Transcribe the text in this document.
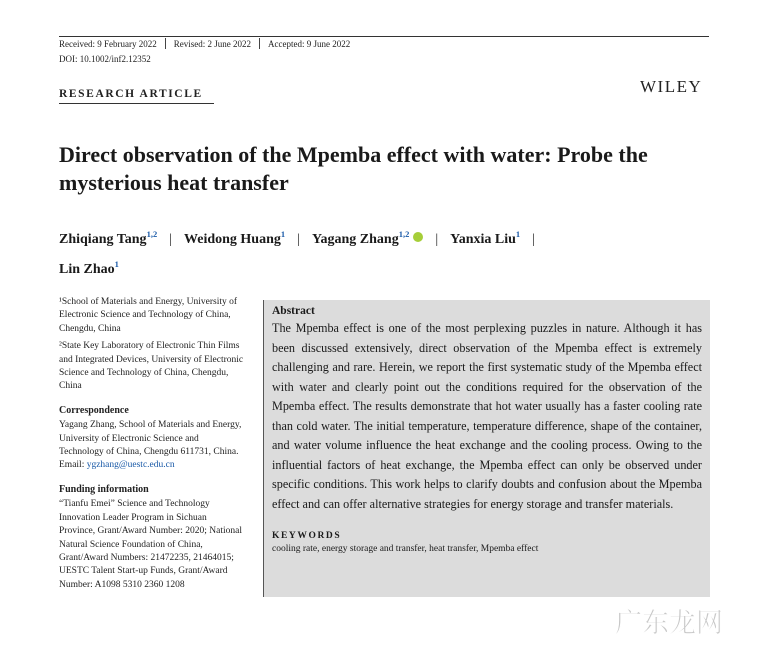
Received: 9 February 2022 Revised: 2 June 2022 Accepted: 9 June 2022
DOI: 10.1002/inf2.12352
RESEARCH ARTICLE	WILEY
Direct observation of the Mpemba effect with water: Probe the mysterious heat transfer
Zhiqiang Tang$^{1,2}$ | Weidong Huang$^1$ | Yagang Zhang$^{1,2}$ | Yanxia Liu$^1$ |
Lin Zhao$^1$

¹School of Materials and Energy, University of Electronic Science and Technology of China, Chengdu, China

²State Key Laboratory of Electronic Thin Films and Integrated Devices, University of Electronic Science and Technology of China, Chengdu, China

Correspondence

Yagang Zhang, School of Materials and Energy, University of Electronic Science and Technology of China, Chengdu 611731, China.
Email: ygzhang@uestc.edu.cn

Funding information

“Tianfu Emei” Science and Technology Innovation Leader Program in Sichuan Province, Grant/Award Number: 2020; National Natural Science Foundation of China, Grant/Award Numbers: 21472235, 21464015; UESTC Talent Start-up Funds, Grant/Award Number: A1098 5310 2360 1208

Abstract

The Mpemba effect is one of the most perplexing puzzles in nature. Although it has been discussed extensively, direct observation of the Mpemba effect is extremely challenging and rare. Herein, we report the first systematic study of the Mpemba effect with water and clearly point out the conditions required for the observation of the Mpemba effect. The results demonstrate that hot water usually has a faster cooling rate than cold water. The initial temperature, temperature difference, shape of the container, and water volume influence the heat exchange and the cooling process. Owing to the influential factors of heat exchange, the Mpemba effect can only be observed under specific conditions. This work helps to clarify doubts and confusion about the Mpemba effect and can offer alternative strategies for energy storage and transfer materials.

KEYWORDS

cooling rate, energy storage and transfer, heat transfer, Mpemba effect

广东龙网
